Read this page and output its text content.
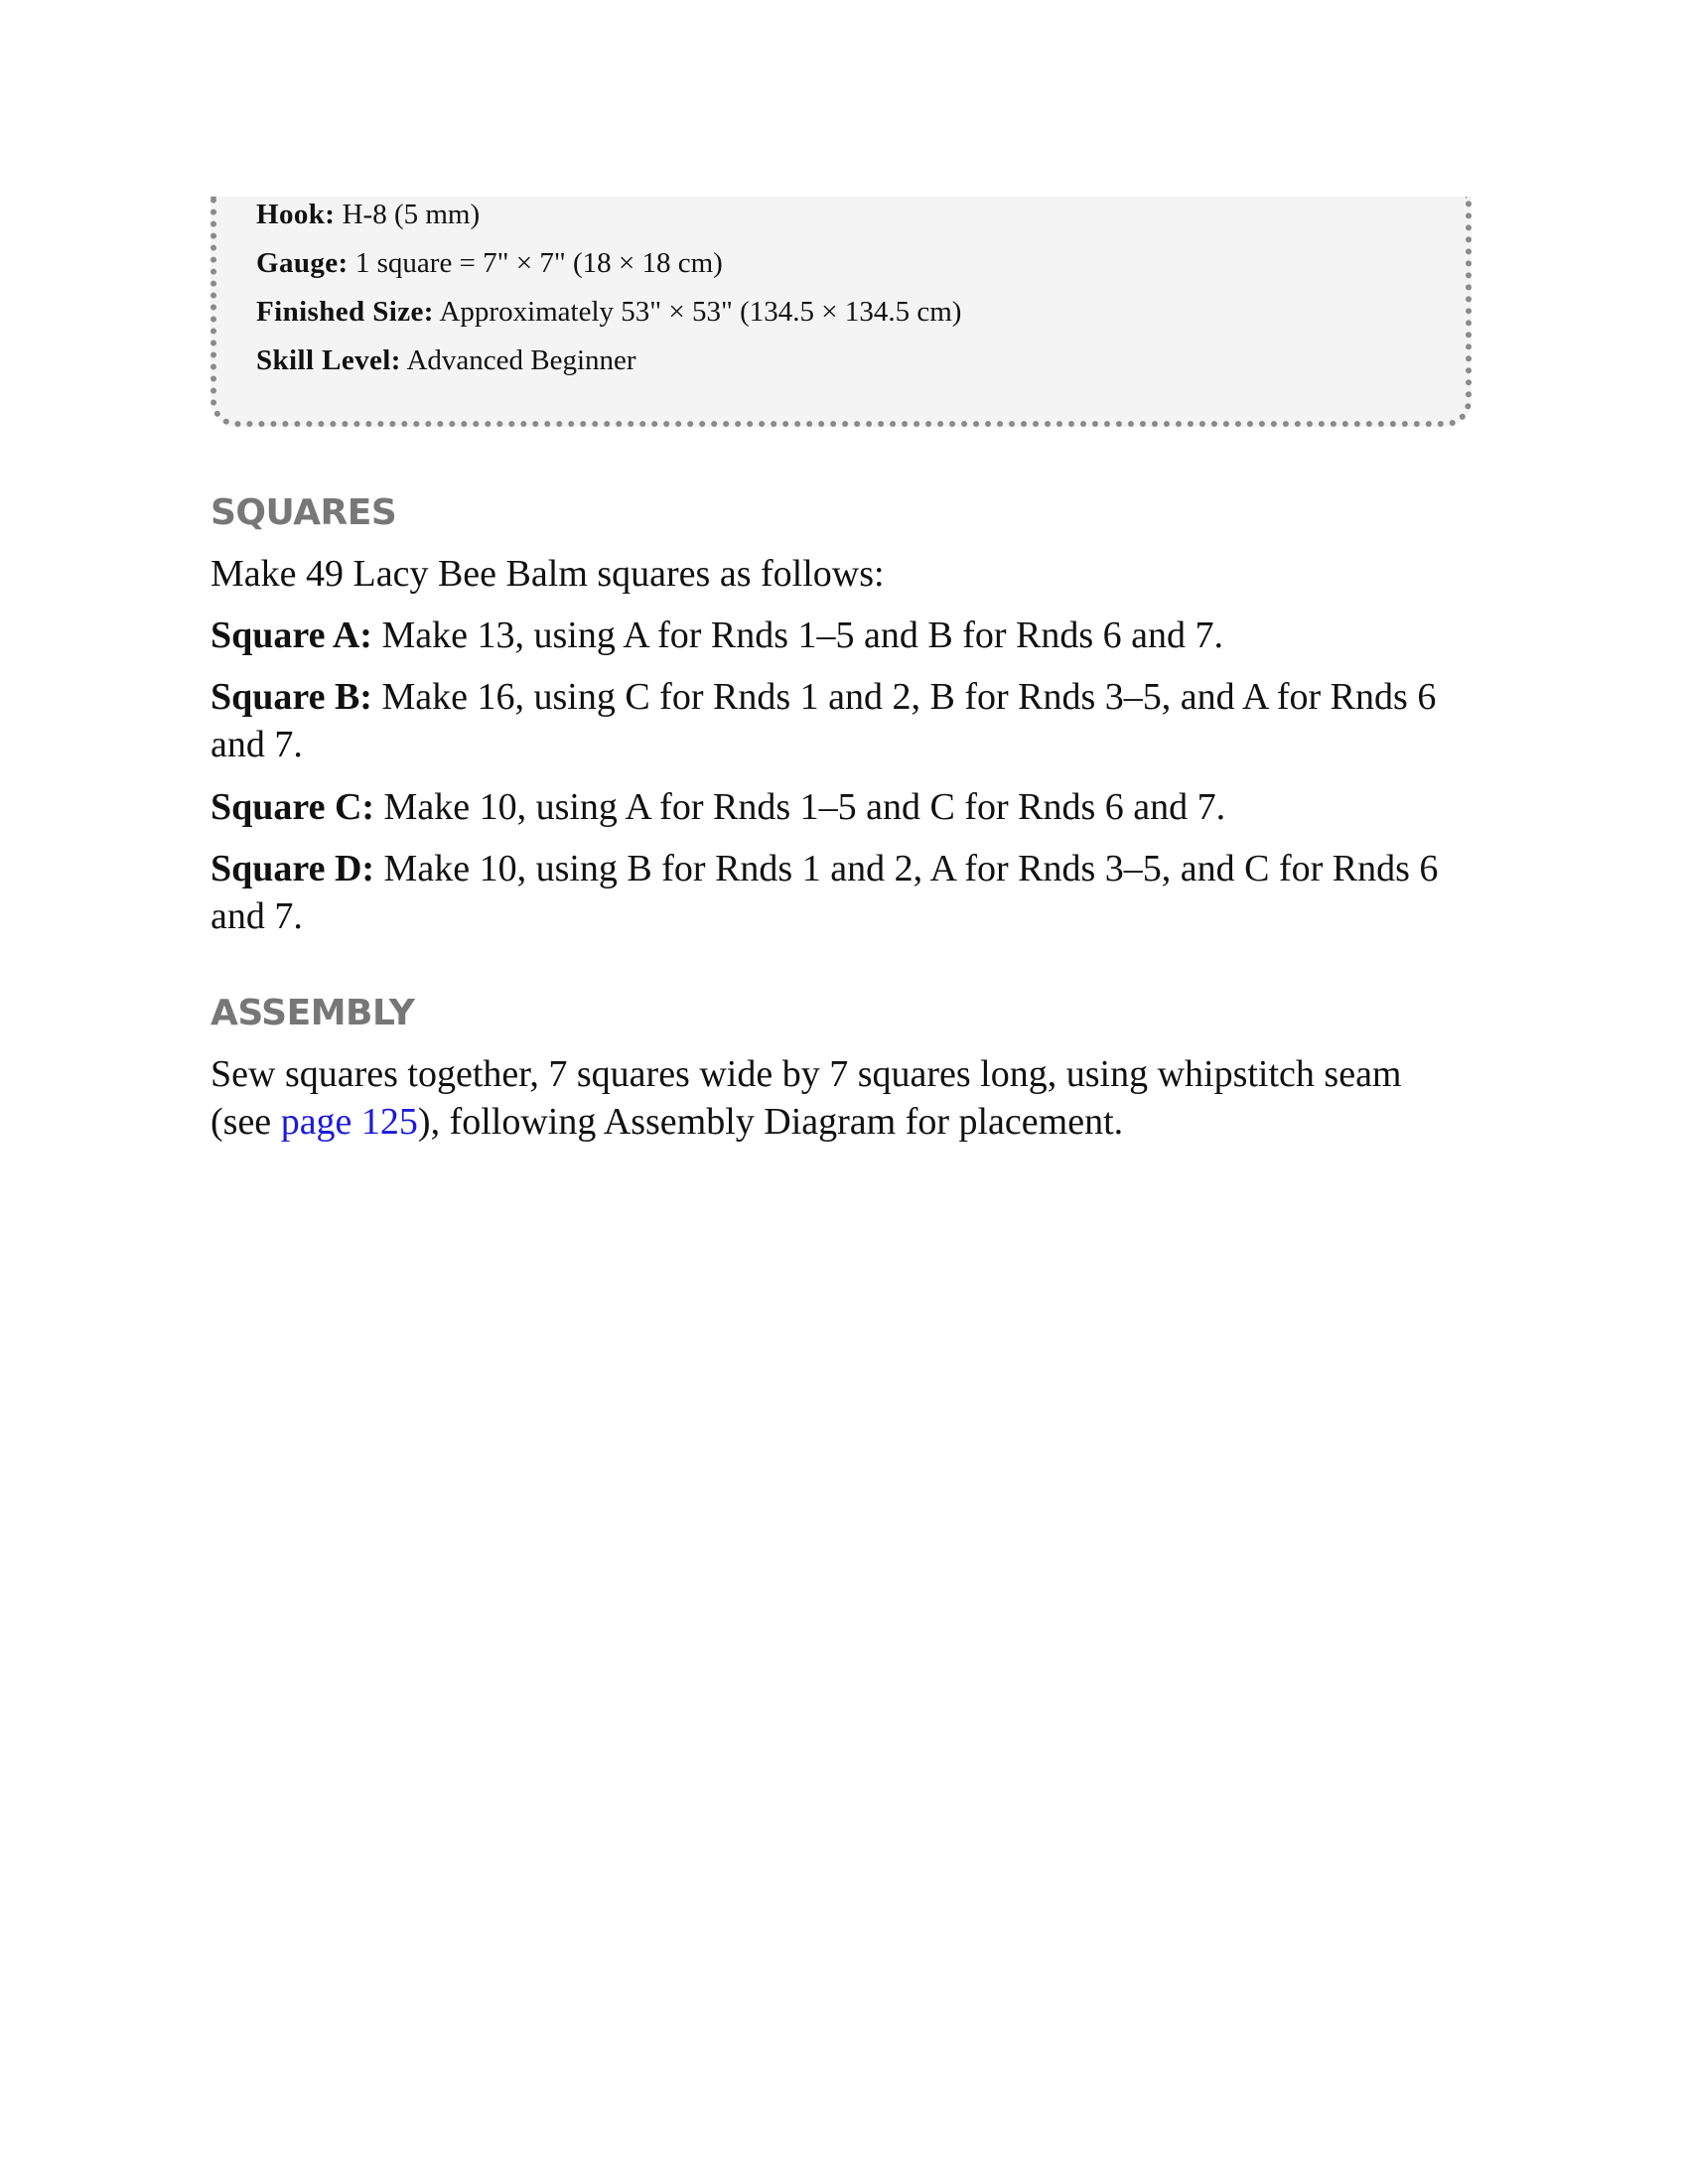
Hook: H-8 (5 mm)
Gauge: 1 square = 7" × 7" (18 × 18 cm)
Finished Size: Approximately 53" × 53" (134.5 × 134.5 cm)
Skill Level: Advanced Beginner
SQUARES

Make 49 Lacy Bee Balm squares as follows:

Square A: Make 13, using A for Rnds 1–5 and B for Rnds 6 and 7.

Square B: Make 16, using C for Rnds 1 and 2, B for Rnds 3–5, and A for Rnds 6 and 7.

Square C: Make 10, using A for Rnds 1–5 and C for Rnds 6 and 7.

Square D: Make 10, using B for Rnds 1 and 2, A for Rnds 3–5, and C for Rnds 6 and 7.

ASSEMBLY

Sew squares together, 7 squares wide by 7 squares long, using whipstitch seam (see page 125), following Assembly Diagram for placement.
